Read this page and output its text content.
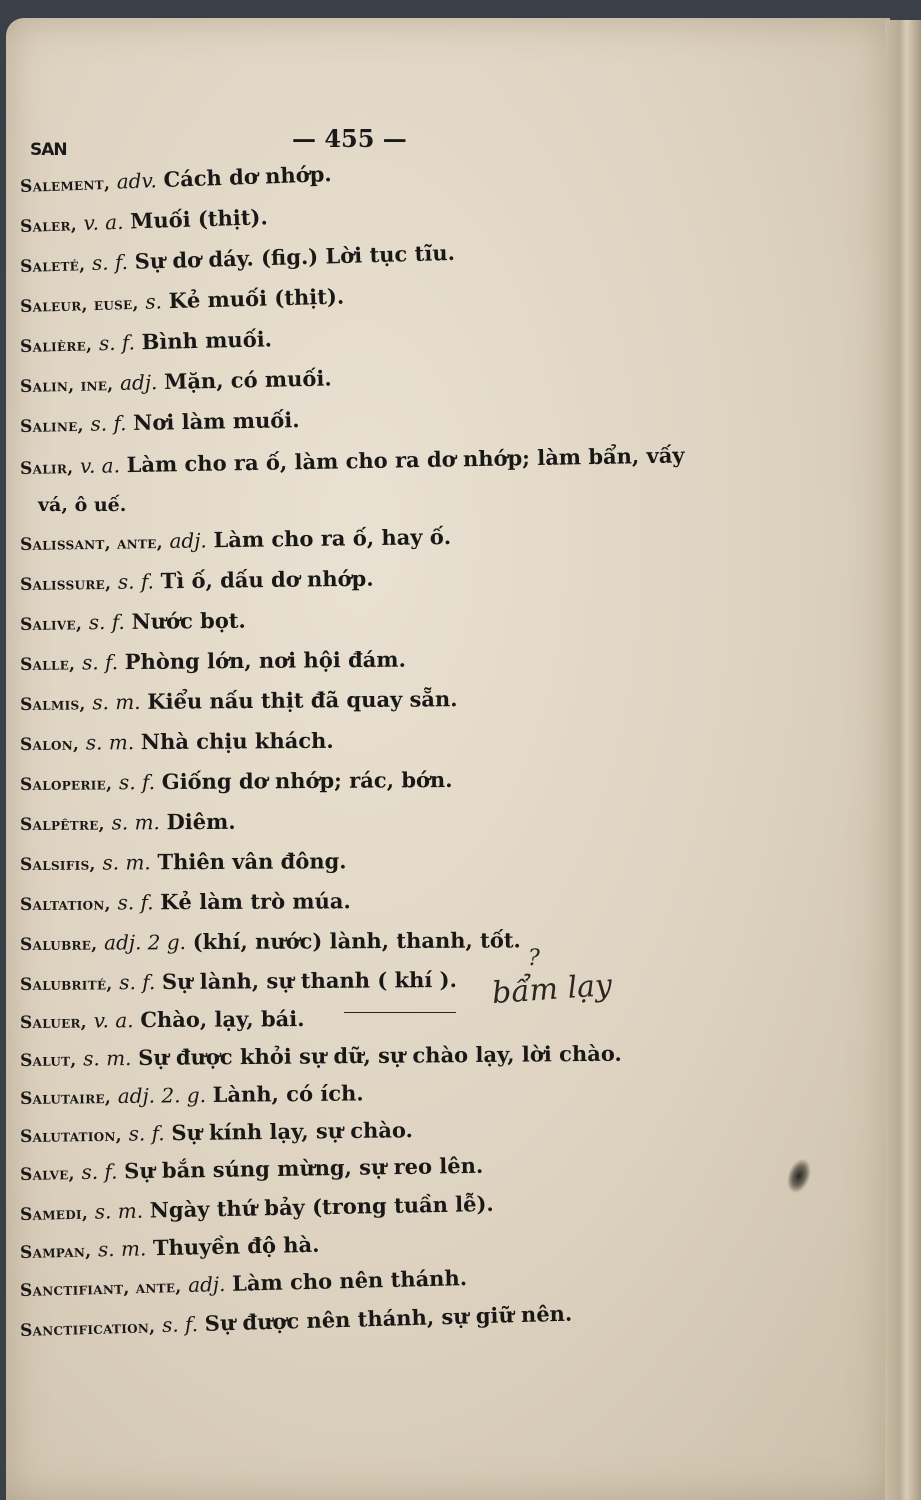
SAN	— 455 —
Salement, adv. Cách dơ nhớp.
Saler, v. a. Muối (thịt).
Saleté, s. f. Sự dơ dáy. (fig.) Lời tục tĩu.
Saleur, euse, s. Kẻ muối (thịt).
Salière, s. f. Bình muối.
Salin, ine, adj. Mặn, có muối.
Saline, s. f. Nơi làm muối.
Salir, v. a. Làm cho ra ố, làm cho ra dơ nhớp; làm bẩn, vấy
Salissant, ante, adj. Làm cho ra ố, hay ố.
Salissure, s. f. Tì ố, dấu dơ nhớp.
Salive, s. f. Nước bọt.
Salle, s. f. Phòng lớn, nơi hội đám.
Salmis, s. m. Kiểu nấu thịt đã quay sẵn.
Salon, s. m. Nhà chịu khách.
Saloperie, s. f. Giống dơ nhớp; rác, bớn.
Salpêtre, s. m. Diêm.
Salsifis, s. m. Thiên vân đông.
Saltation, s. f. Kẻ làm trò múa.
Salubre, adj. 2 g. (khí, nước) lành, thanh, tốt.
Salubrité, s. f. Sự lành, sự thanh ( khí ).
Saluer, v. a. Chào, lạy, bái.
Salut, s. m. Sự được khỏi sự dữ, sự chào lạy, lời chào.
Salutaire, adj. 2. g. Lành, có ích.
Salutation, s. f. Sự kính lạy, sự chào.
Salve, s. f. Sự bắn súng mừng, sự reo lên.
Samedi, s. m. Ngày thứ bảy (trong tuần lễ).
Sampan, s. m. Thuyền độ hà.
Sanctifiant, ante, adj. Làm cho nên thánh.
Sanctification, s. f. Sự được nên thánh, sự giữ nên.
vá, ô uế.
?
bẩm lạy
